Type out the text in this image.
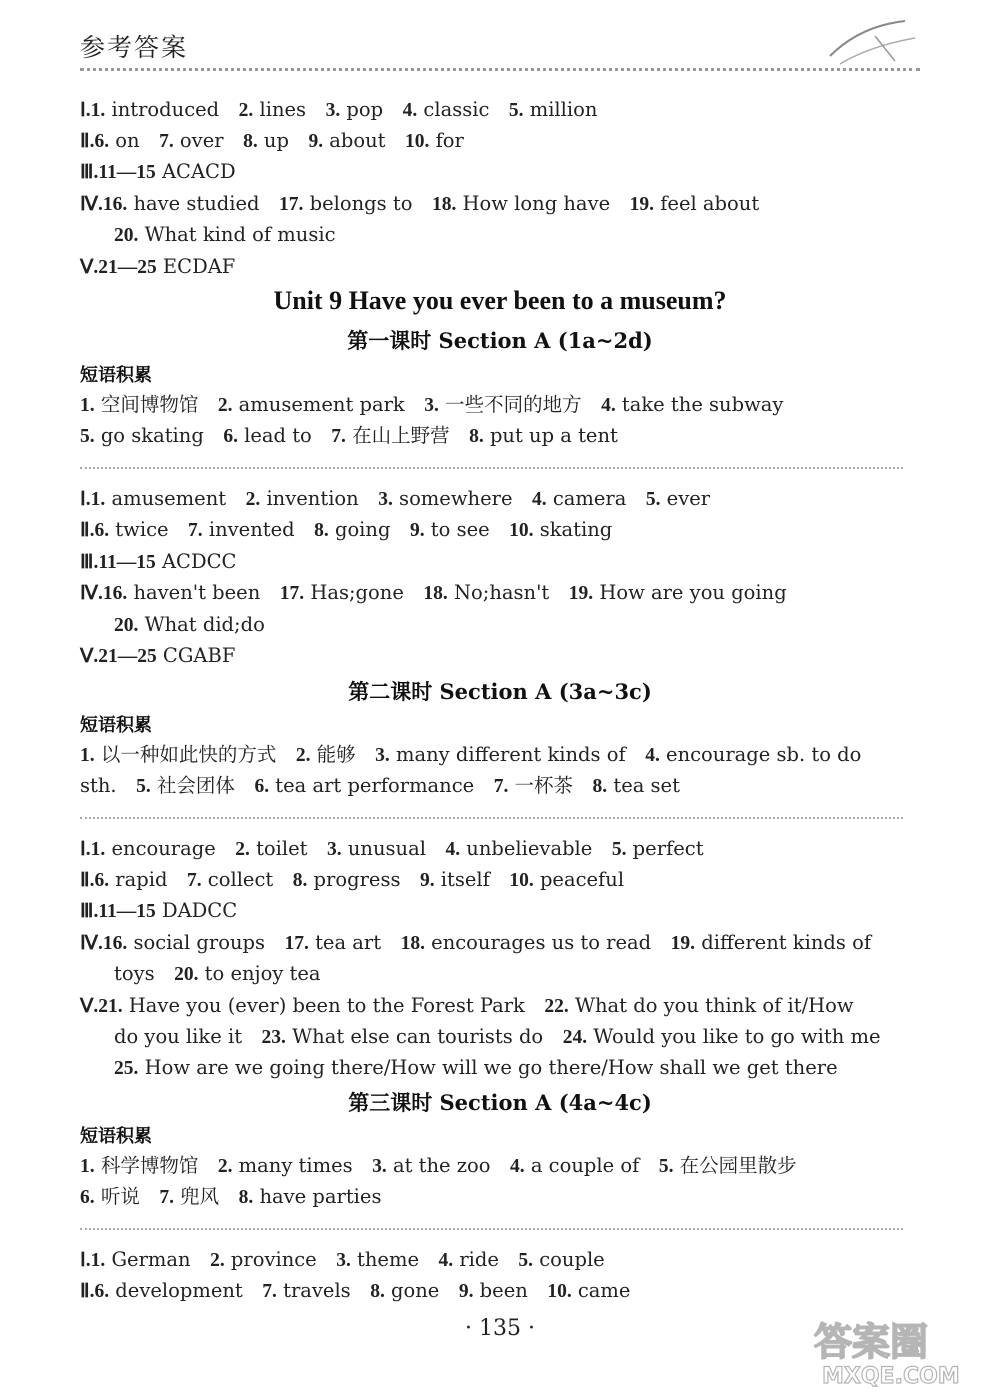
参考答案
Ⅰ.1. introduced  2. lines  3. pop  4. classic  5. million
Ⅱ.6. on  7. over  8. up  9. about  10. for
Ⅲ.11—15 ACACD
Ⅳ.16. have studied  17. belongs to  18. How long have  19. feel about
20. What kind of music
Ⅴ.21—25 ECDAF
Unit 9 Have you ever been to a museum?
第一课时 Section A (1a~2d)
短语积累
1. 空间博物馆  2. amusement park  3. 一些不同的地方  4. take the subway
5. go skating  6. lead to  7. 在山上野营  8. put up a tent
Ⅰ.1. amusement  2. invention  3. somewhere  4. camera  5. ever
Ⅱ.6. twice  7. invented  8. going  9. to see  10. skating
Ⅲ.11—15 ACDCC
Ⅳ.16. haven't been  17. Has;gone  18. No;hasn't  19. How are you going
20. What did;do
Ⅴ.21—25 CGABF
第二课时 Section A (3a~3c)
短语积累
1. 以一种如此快的方式  2. 能够  3. many different kinds of  4. encourage sb. to do
sth.  5. 社会团体  6. tea art performance  7. 一杯茶  8. tea set
Ⅰ.1. encourage  2. toilet  3. unusual  4. unbelievable  5. perfect
Ⅱ.6. rapid  7. collect  8. progress  9. itself  10. peaceful
Ⅲ.11—15 DADCC
Ⅳ.16. social groups  17. tea art  18. encourages us to read  19. different kinds of
toys  20. to enjoy tea
Ⅴ.21. Have you (ever) been to the Forest Park  22. What do you think of it/How
do you like it  23. What else can tourists do  24. Would you like to go with me
25. How are we going there/How will we go there/How shall we get there
第三课时 Section A (4a~4c)
短语积累
1. 科学博物馆  2. many times  3. at the zoo  4. a couple of  5. 在公园里散步
6. 听说  7. 兜风  8. have parties
Ⅰ.1. German  2. province  3. theme  4. ride  5. couple
Ⅱ.6. development  7. travels  8. gone  9. been  10. came
· 135 ·	答案圈
MXQE.COM
